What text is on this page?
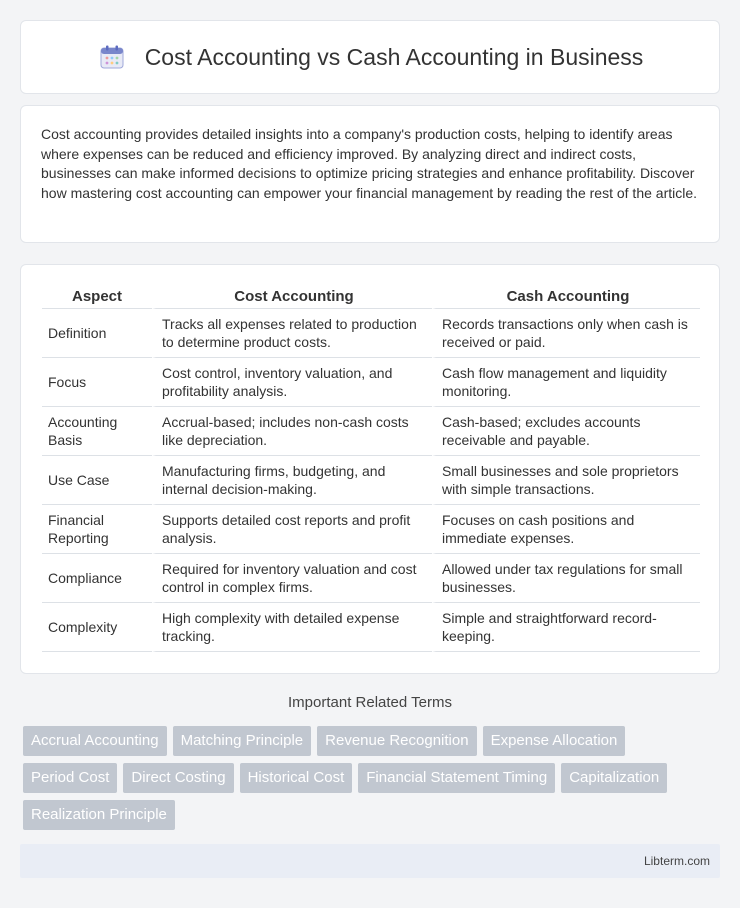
Cost Accounting vs Cash Accounting in Business

Cost accounting provides detailed insights into a company's production costs, helping to identify areas where expenses can be reduced and efficiency improved. By analyzing direct and indirect costs, businesses can make informed decisions to optimize pricing strategies and enhance profitability. Discover how mastering cost accounting can empower your financial management by reading the rest of the article.

Aspect	Cost Accounting	Cash Accounting
Definition	Tracks all expenses related to production to determine product costs.	Records transactions only when cash is received or paid.
Focus	Cost control, inventory valuation, and profitability analysis.	Cash flow management and liquidity monitoring.
Accounting Basis	Accrual-based; includes non-cash costs like depreciation.	Cash-based; excludes accounts receivable and payable.
Use Case	Manufacturing firms, budgeting, and internal decision-making.	Small businesses and sole proprietors with simple transactions.
Financial Reporting	Supports detailed cost reports and profit analysis.	Focuses on cash positions and immediate expenses.
Compliance	Required for inventory valuation and cost control in complex firms.	Allowed under tax regulations for small businesses.
Complexity	High complexity with detailed expense tracking.	Simple and straightforward record-keeping.
Important Related Terms
Accrual Accounting	Matching Principle	Revenue Recognition	Expense Allocation
Period Cost	Direct Costing	Historical Cost	Financial Statement Timing	Capitalization
Realization Principle
Libterm.com
